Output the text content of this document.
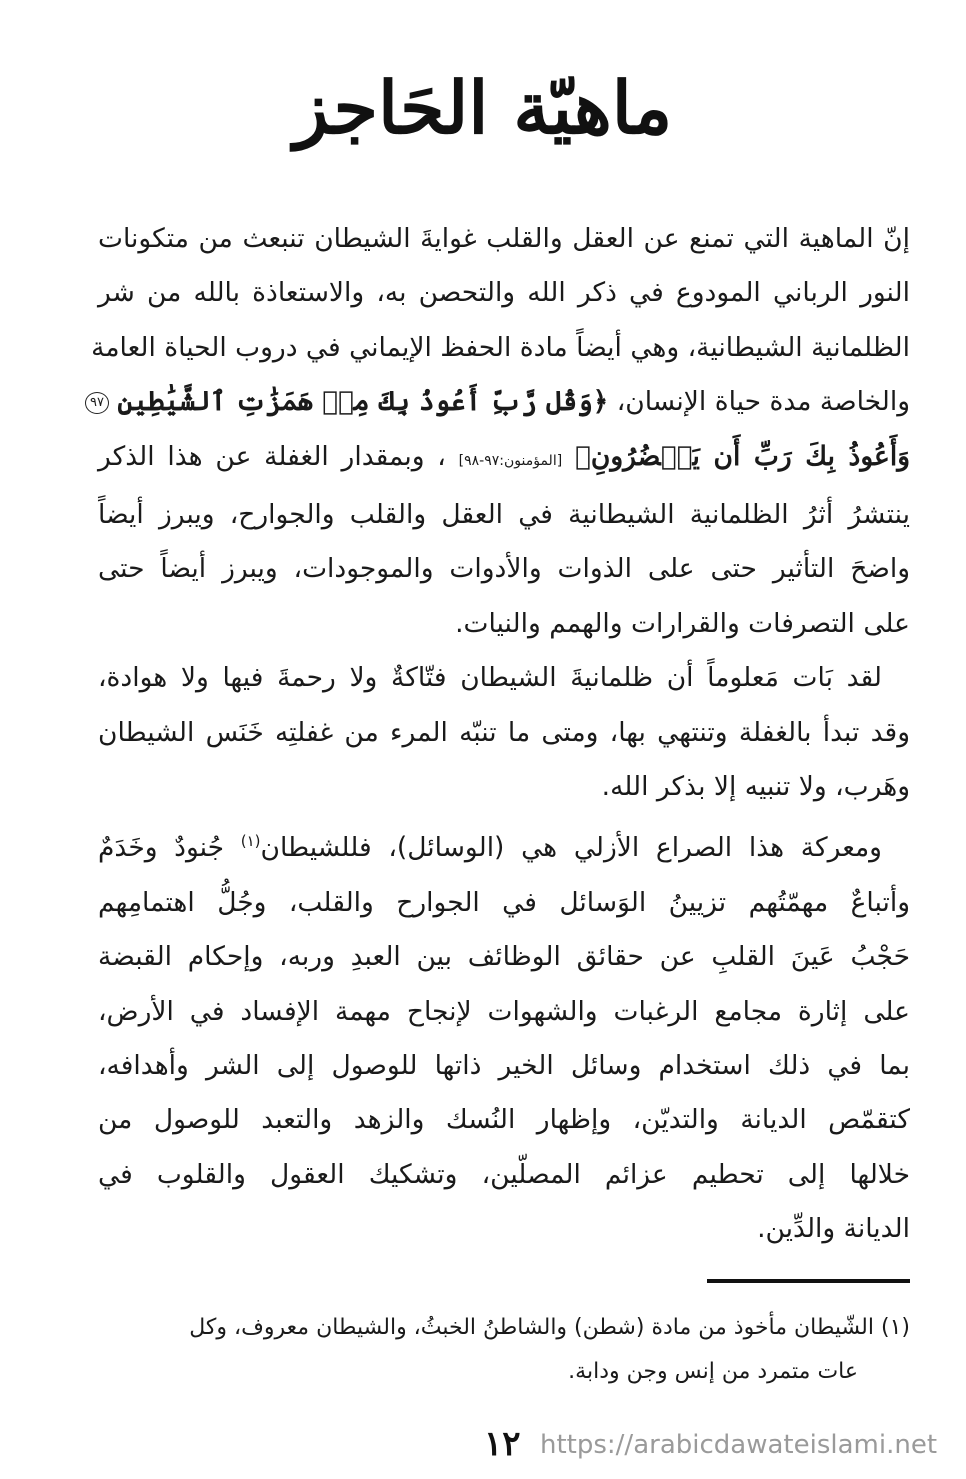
ماهيّة الحَاجز
إنّ الماهية التي تمنع عن العقل والقلب غوايةَ الشيطان تنبعث من متكونات
النور الرباني المودوع في ذكر الله والتحصن به، والاستعاذة بالله من شر
الظلمانية الشيطانية، وهي أيضاً مادة الحفظ الإيماني في دروب الحياة العامة
والخاصة مدة حياة الإنسان، ﴿وَقُل رَّبِّ أَعُوذُ بِكَ مِنۡ هَمَزَٰتِ ٱلشَّيَٰطِينِ ٩٧
وَأَعُوذُ بِكَ رَبِّ أَن يَحۡضُرُونِ﴾ [المؤمنون:٩٧-٩٨] ، وبمقدار الغفلة عن هذا الذكر
ينتشرُ أثرُ الظلمانية الشيطانية في العقل والقلب والجوارح، ويبرز أيضاً
واضحَ التأثير حتى على الذوات والأدوات والموجودات، ويبرز أيضاً حتى
على التصرفات والقرارات والهمم والنيات.
لقد بَات مَعلوماً أن ظلمانيةَ الشيطان فتّاكةٌ ولا رحمةَ فيها ولا هوادة،
وقد تبدأ بالغفلة وتنتهي بها، ومتى ما تنبّه المرء من غفلتِه خَنَس الشيطان
وهَرب، ولا تنبيه إلا بذكر الله.
ومعركة هذا الصراع الأزلي هي (الوسائل)، فللشيطان$^{(١)}$ جُنودٌ وخَدَمٌ
وأتباعٌ مهمّتُهم تزيينُ الوَسائل في الجوارح والقلب، وجُلُّ اهتمامِهم
حَجْبُ عَينَ القلبِ عن حقائق الوظائف بين العبدِ وربه، وإحكام القبضة
على إثارة مجامع الرغبات والشهوات لإنجاح مهمة الإفساد في الأرض،
بما في ذلك استخدام وسائل الخير ذاتها للوصول إلى الشر وأهدافه،
كتقمّص الديانة والتديّن، وإظهار النُسك والزهد والتعبد للوصول من
خلالها إلى تحطيم عزائم المصلّين، وتشكيك العقول والقلوب في
الديانة والدِّين.
(١) الشّيطان مأخوذ من مادة (شطن) والشاطنُ الخبثُ، والشيطان معروف، وكل
عات متمرد من إنس وجن ودابة.
١٢ https://arabicdawateislami.net
